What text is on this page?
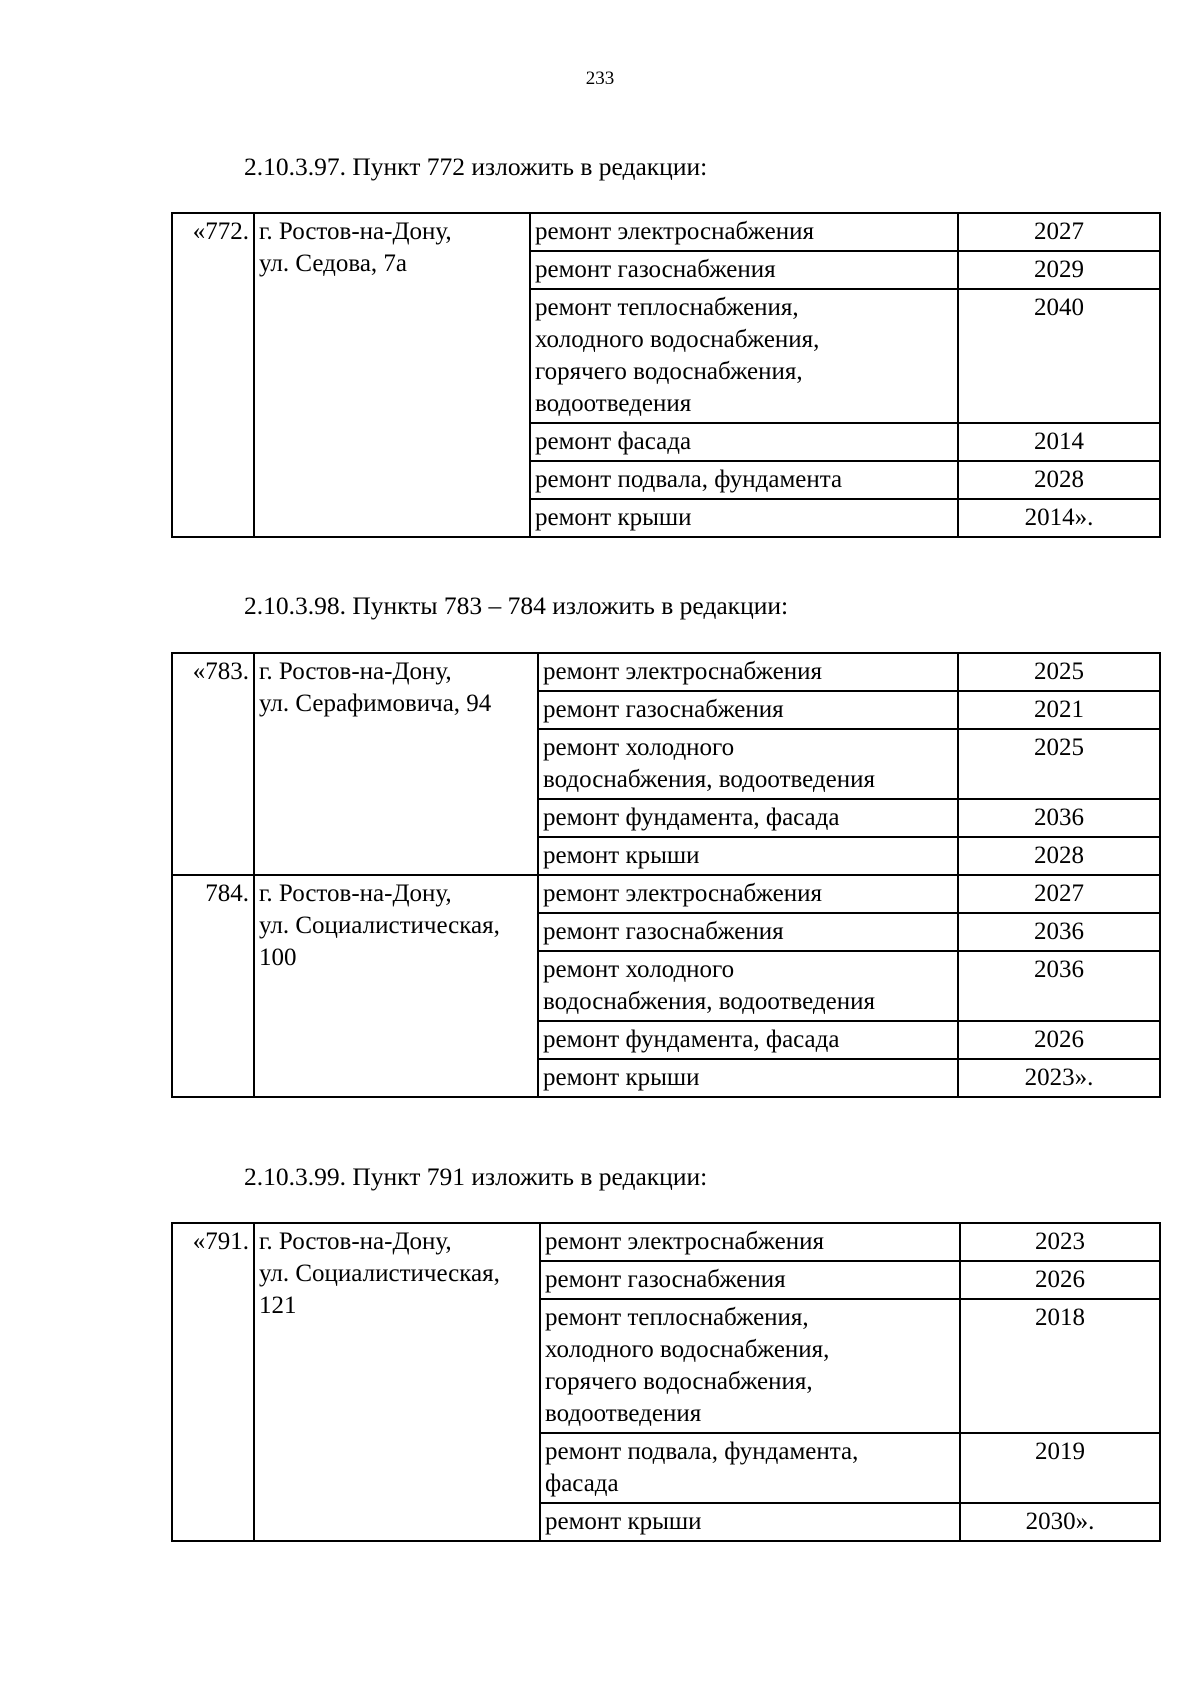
233
2.10.3.97. Пункт 772 изложить в редакции:
«772.	г. Ростов-на-Дону,
ул. Седова, 7а	ремонт электроснабжения	2027

		ремонт газоснабжения	2029

		ремонт теплоснабжения,
холодного водоснабжения,
горячего водоснабжения,
водоотведения	2040

		ремонт фасада	2014

		ремонт подвала, фундамента	2028

		ремонт крыши	2014».
2.10.3.98. Пункты 783 – 784 изложить в редакции:
«783.	г. Ростов-на-Дону,
ул. Серафимовича, 94	ремонт электроснабжения	2025

		ремонт газоснабжения	2021

		ремонт холодного
водоснабжения, водоотведения	2025

		ремонт фундамента, фасада	2036

		ремонт крыши	2028
784.	г. Ростов-на-Дону,
ул. Социалистическая,
100	ремонт электроснабжения	2027

		ремонт газоснабжения	2036

		ремонт холодного
водоснабжения, водоотведения	2036

		ремонт фундамента, фасада	2026

		ремонт крыши	2023».
2.10.3.99. Пункт 791 изложить в редакции:
«791.	г. Ростов-на-Дону,
ул. Социалистическая,
121	ремонт электроснабжения	2023

		ремонт газоснабжения	2026

		ремонт теплоснабжения,
холодного водоснабжения,
горячего водоснабжения,
водоотведения	2018

		ремонт подвала, фундамента,
фасада	2019

		ремонт крыши	2030».
